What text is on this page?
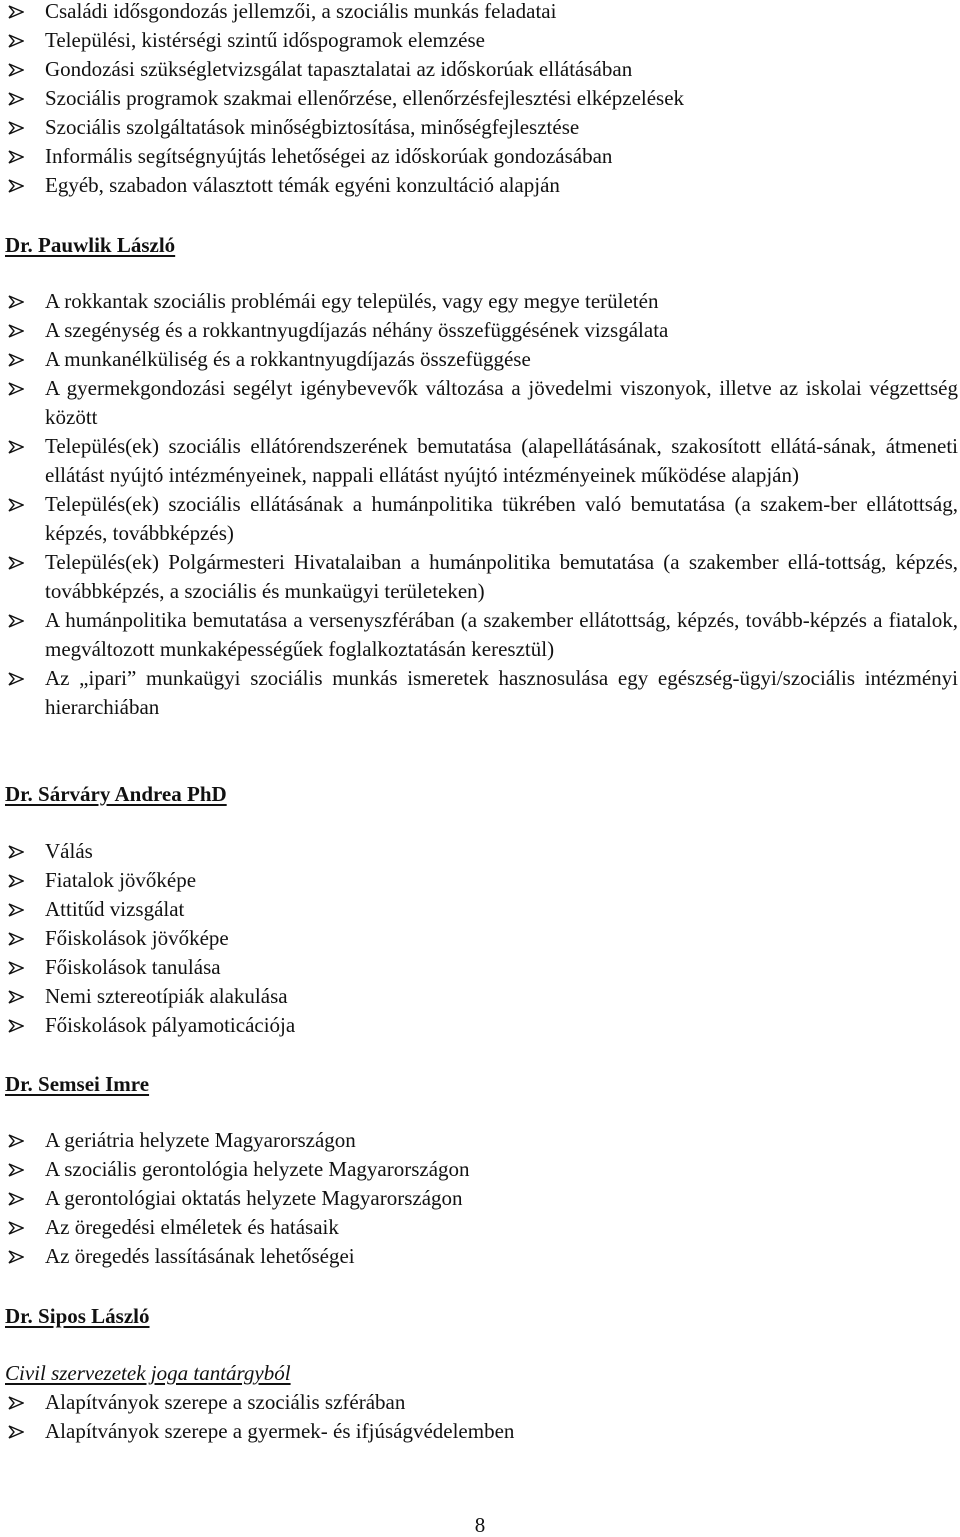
Családi idősgondozás jellemzői, a szociális munkás feladatai
Települési, kistérségi szintű időspogramok elemzése
Gondozási szükségletvizsgálat tapasztalatai az időskorúak ellátásában
Szociális programok szakmai ellenőrzése, ellenőrzésfejlesztési elképzelések
Szociális szolgáltatások minőségbiztosítása, minőségfejlesztése
Informális segítségnyújtás lehetőségei az időskorúak gondozásában
Egyéb, szabadon választott témák egyéni konzultáció alapján

Dr. Pauwlik László

A rokkantak szociális problémái egy település, vagy egy megye területén
A szegénység és a rokkantnyugdíjazás néhány összefüggésének vizsgálata
A munkanélküliség és a rokkantnyugdíjazás összefüggése
A gyermekgondozási segélyt igénybevevők változása a jövedelmi viszonyok, illetve az iskolai végzettség között
Település(ek) szociális ellátórendszerének bemutatása (alapellátásának, szakosított ellátá-sának, átmeneti ellátást nyújtó intézményeinek, nappali ellátást nyújtó intézményeinek működése alapján)
Település(ek) szociális ellátásának a humánpolitika tükrében való bemutatása (a szakem-ber ellátottság, képzés, továbbképzés)
Település(ek) Polgármesteri Hivatalaiban a humánpolitika bemutatása (a szakember ellá-tottság, képzés, továbbképzés, a szociális és munkaügyi területeken)
A humánpolitika bemutatása a versenyszférában (a szakember ellátottság, képzés, tovább-képzés a fiatalok, megváltozott munkaképességűek foglalkoztatásán keresztül)
Az „ipari” munkaügyi szociális munkás ismeretek hasznosulása egy egészség-ügyi/szociális intézményi hierarchiában

Dr. Sárváry Andrea PhD

Válás
Fiatalok jövőképe
Attitűd vizsgálat
Főiskolások jövőképe
Főiskolások tanulása
Nemi sztereotípiák alakulása
Főiskolások pályamoticációja

Dr. Semsei Imre

A geriátria helyzete Magyarországon
A szociális gerontológia helyzete Magyarországon
A gerontológiai oktatás helyzete Magyarországon
Az öregedési elméletek és hatásaik
Az öregedés lassításának lehetőségei

Dr. Sipos László

Civil szervezetek joga tantárgyból

Alapítványok szerepe a szociális szférában
Alapítványok szerepe a gyermek- és ifjúságvédelemben
8
